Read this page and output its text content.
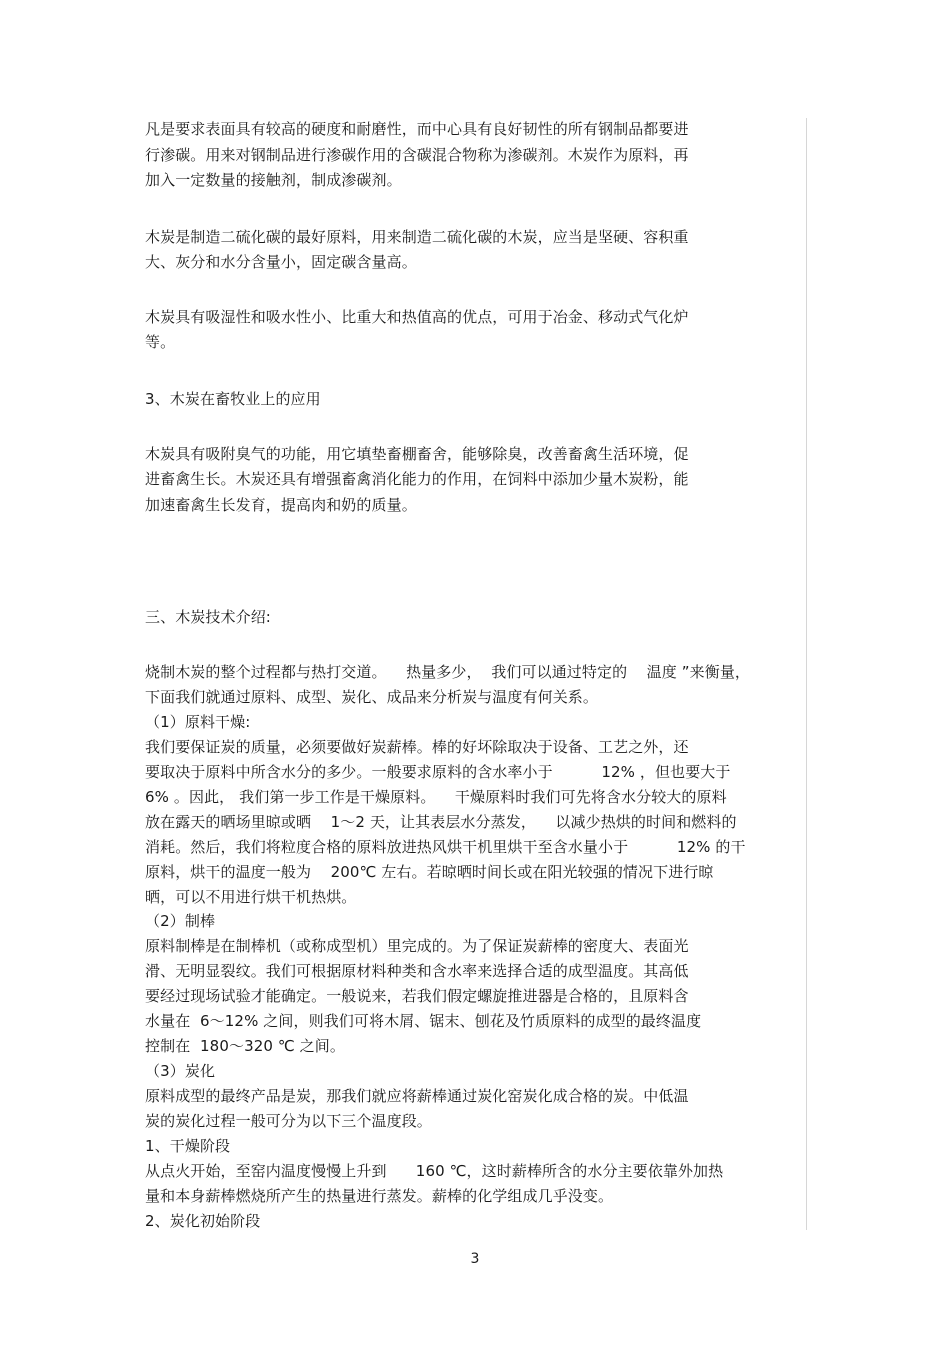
凡是要求表面具有较高的硬度和耐磨性，而中心具有良好韧性的所有钢制品都要进
行渗碳。用来对钢制品进行渗碳作用的含碳混合物称为渗碳剂。木炭作为原料，再
加入一定数量的接触剂，制成渗碳剂。
木炭是制造二硫化碳的最好原料，用来制造二硫化碳的木炭，应当是坚硬、容积重
大、灰分和水分含量小，固定碳含量高。
木炭具有吸湿性和吸水性小、比重大和热值高的优点，可用于冶金、移动式气化炉
等。
3、木炭在畜牧业上的应用
木炭具有吸附臭气的功能，用它填垫畜棚畜舍，能够除臭，改善畜禽生活环境，促
进畜禽生长。木炭还具有增强畜禽消化能力的作用，在饲料中添加少量木炭粉，能
加速畜禽生长发育，提高肉和奶的质量。
三、木炭技术介绍:
烧制木炭的整个过程都与热打交道。    热量多少，  我们可以通过特定的    温度 ”来衡量，
下面我们就通过原料、成型、炭化、成品来分析炭与温度有何关系。
（1）原料干燥:
我们要保证炭的质量，必须要做好炭薪棒。棒的好坏除取决于设备、工艺之外，还
要取决于原料中所含水分的多少。一般要求原料的含水率小于          12% ，但也要大于
6% 。因此， 我们第一步工作是干燥原料。    干燥原料时我们可先将含水分较大的原料
放在露天的晒场里晾或晒    1～2 天，让其表层水分蒸发，    以减少热烘的时间和燃料的
消耗。然后，我们将粒度合格的原料放进热风烘干机里烘干至含水量小于          12% 的干
原料，烘干的温度一般为    200℃ 左右。若晾晒时间长或在阳光较强的情况下进行晾
晒，可以不用进行烘干机热烘。
（2）制棒
原料制棒是在制棒机（或称成型机）里完成的。为了保证炭薪棒的密度大、表面光
滑、无明显裂纹。我们可根据原材料种类和含水率来选择合适的成型温度。其高低
要经过现场试验才能确定。一般说来，若我们假定螺旋推进器是合格的，且原料含
水量在  6～12% 之间，则我们可将木屑、锯末、刨花及竹质原料的成型的最终温度
控制在  180～320 ℃ 之间。
（3）炭化
原料成型的最终产品是炭，那我们就应将薪棒通过炭化窑炭化成合格的炭。中低温
炭的炭化过程一般可分为以下三个温度段。
1、干燥阶段
从点火开始，至窑内温度慢慢上升到      160 ℃，这时薪棒所含的水分主要依靠外加热
量和本身薪棒燃烧所产生的热量进行蒸发。薪棒的化学组成几乎没变。
2、炭化初始阶段
3
